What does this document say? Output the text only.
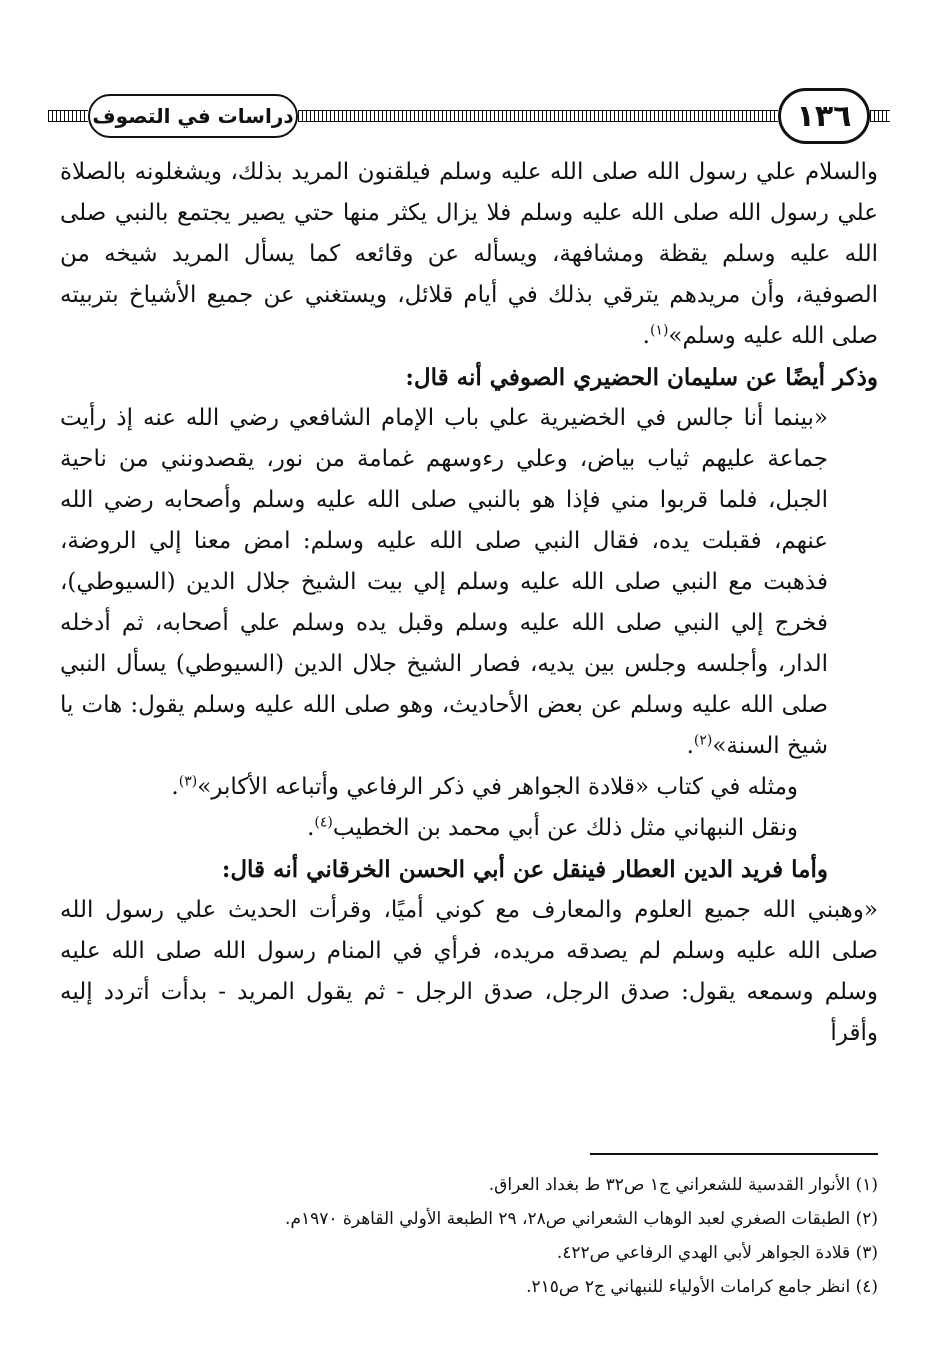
دراسات في التصوف	١٣٦

والسلام علي رسول الله صلى الله عليه وسلم فيلقنون المريد بذلك، ويشغلونه بالصلاة علي رسول الله صلى الله عليه وسلم فلا يزال يكثر منها حتي يصير يجتمع بالنبي صلى الله عليه وسلم يقظة ومشافهة، ويسأله عن وقائعه كما يسأل المريد شيخه من الصوفية، وأن مريدهم يترقي بذلك في أيام قلائل، ويستغني عن جميع الأشياخ بتربيته صلى الله عليه وسلم»$^{(١)}$.

وذكر أيضًا عن سليمان الحضيري الصوفي أنه قال:

«بينما أنا جالس في الخضيرية علي باب الإمام الشافعي رضي الله عنه إذ رأيت جماعة عليهم ثياب بياض، وعلي رءوسهم غمامة من نور، يقصدونني من ناحية الجبل، فلما قربوا مني فإذا هو بالنبي صلى الله عليه وسلم وأصحابه رضي الله عنهم، فقبلت يده، فقال النبي صلى الله عليه وسلم: امض معنا إلي الروضة، فذهبت مع النبي صلى الله عليه وسلم إلي بيت الشيخ جلال الدين (السيوطي)، فخرج إلي النبي صلى الله عليه وسلم وقبل يده وسلم علي أصحابه، ثم أدخله الدار، وأجلسه وجلس بين يديه، فصار الشيخ جلال الدين (السيوطي) يسأل النبي صلى الله عليه وسلم عن بعض الأحاديث، وهو صلى الله عليه وسلم يقول: هات يا شيخ السنة»$^{(٢)}$.

ومثله في كتاب «قلادة الجواهر في ذكر الرفاعي وأتباعه الأكابر»$^{(٣)}$.

ونقل النبهاني مثل ذلك عن أبي محمد بن الخطيب$^{(٤)}$.

وأما فريد الدين العطار فينقل عن أبي الحسن الخرقاني أنه قال:

«وهبني الله جميع العلوم والمعارف مع كوني أميًا، وقرأت الحديث علي رسول الله صلى الله عليه وسلم لم يصدقه مريده، فرأي في المنام رسول الله صلى الله عليه وسلم وسمعه يقول: صدق الرجل، صدق الرجل - ثم يقول المريد - بدأت أتردد إليه وأقرأ

(١) الأنوار القدسية للشعراني ج١ ص٣٢ ط بغداد العراق.

(٢) الطبقات الصغري لعبد الوهاب الشعراني ص٢٨، ٢٩ الطبعة الأولي القاهرة ١٩٧٠م.

(٣) قلادة الجواهر لأبي الهدي الرفاعي ص٤٢٢.

(٤) انظر جامع كرامات الأولياء للنبهاني ج٢ ص٢١٥.
